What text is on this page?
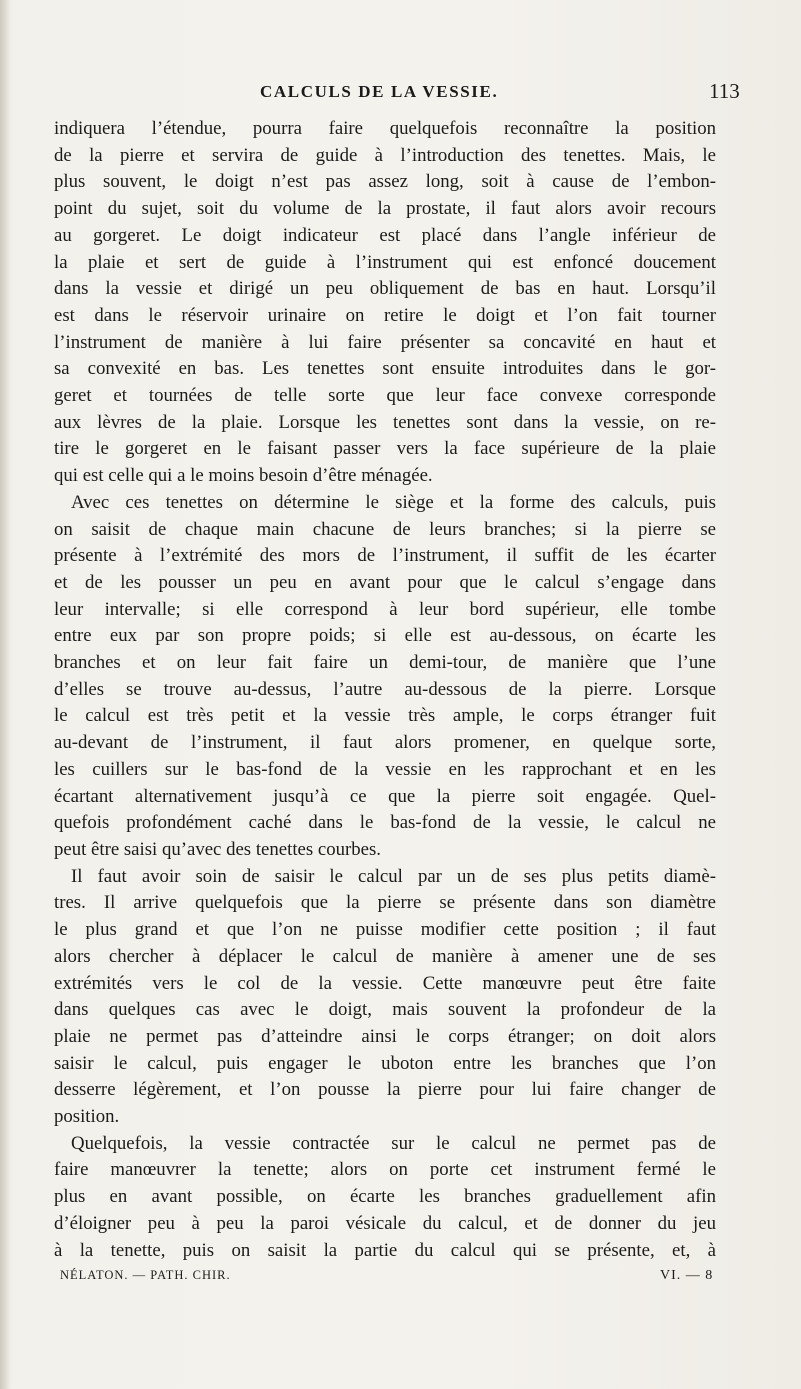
CALCULS DE LA VESSIE.	113
indiquera l’étendue, pourra faire quelquefois reconnaître la position
de la pierre et servira de guide à l’introduction des tenettes. Mais, le
plus souvent, le doigt n’est pas assez long, soit à cause de l’embon-
point du sujet, soit du volume de la prostate, il faut alors avoir recours
au gorgeret. Le doigt indicateur est placé dans l’angle inférieur de
la plaie et sert de guide à l’instrument qui est enfoncé doucement
dans la vessie et dirigé un peu obliquement de bas en haut. Lorsqu’il
est dans le réservoir urinaire on retire le doigt et l’on fait tourner
l’instrument de manière à lui faire présenter sa concavité en haut et
sa convexité en bas. Les tenettes sont ensuite introduites dans le gor-
geret et tournées de telle sorte que leur face convexe corresponde
aux lèvres de la plaie. Lorsque les tenettes sont dans la vessie, on re-
tire le gorgeret en le faisant passer vers la face supérieure de la plaie
qui est celle qui a le moins besoin d’être ménagée.
Avec ces tenettes on détermine le siège et la forme des calculs, puis
on saisit de chaque main chacune de leurs branches; si la pierre se
présente à l’extrémité des mors de l’instrument, il suffit de les écarter
et de les pousser un peu en avant pour que le calcul s’engage dans
leur intervalle; si elle correspond à leur bord supérieur, elle tombe
entre eux par son propre poids; si elle est au-dessous, on écarte les
branches et on leur fait faire un demi-tour, de manière que l’une
d’elles se trouve au-dessus, l’autre au-dessous de la pierre. Lorsque
le calcul est très petit et la vessie très ample, le corps étranger fuit
au-devant de l’instrument, il faut alors promener, en quelque sorte,
les cuillers sur le bas-fond de la vessie en les rapprochant et en les
écartant alternativement jusqu’à ce que la pierre soit engagée. Quel-
quefois profondément caché dans le bas-fond de la vessie, le calcul ne
peut être saisi qu’avec des tenettes courbes.
Il faut avoir soin de saisir le calcul par un de ses plus petits diamè-
tres. Il arrive quelquefois que la pierre se présente dans son diamètre
le plus grand et que l’on ne puisse modifier cette position ; il faut
alors chercher à déplacer le calcul de manière à amener une de ses
extrémités vers le col de la vessie. Cette manœuvre peut être faite
dans quelques cas avec le doigt, mais souvent la profondeur de la
plaie ne permet pas d’atteindre ainsi le corps étranger; on doit alors
saisir le calcul, puis engager le uboton entre les branches que l’on
desserre légèrement, et l’on pousse la pierre pour lui faire changer de
position.
Quelquefois, la vessie contractée sur le calcul ne permet pas de
faire manœuvrer la tenette; alors on porte cet instrument fermé le
plus en avant possible, on écarte les branches graduellement afin
d’éloigner peu à peu la paroi vésicale du calcul, et de donner du jeu
à la tenette, puis on saisit la partie du calcul qui se présente, et, à
NÉLATON. — PATH. CHIR.	VI. — 8
